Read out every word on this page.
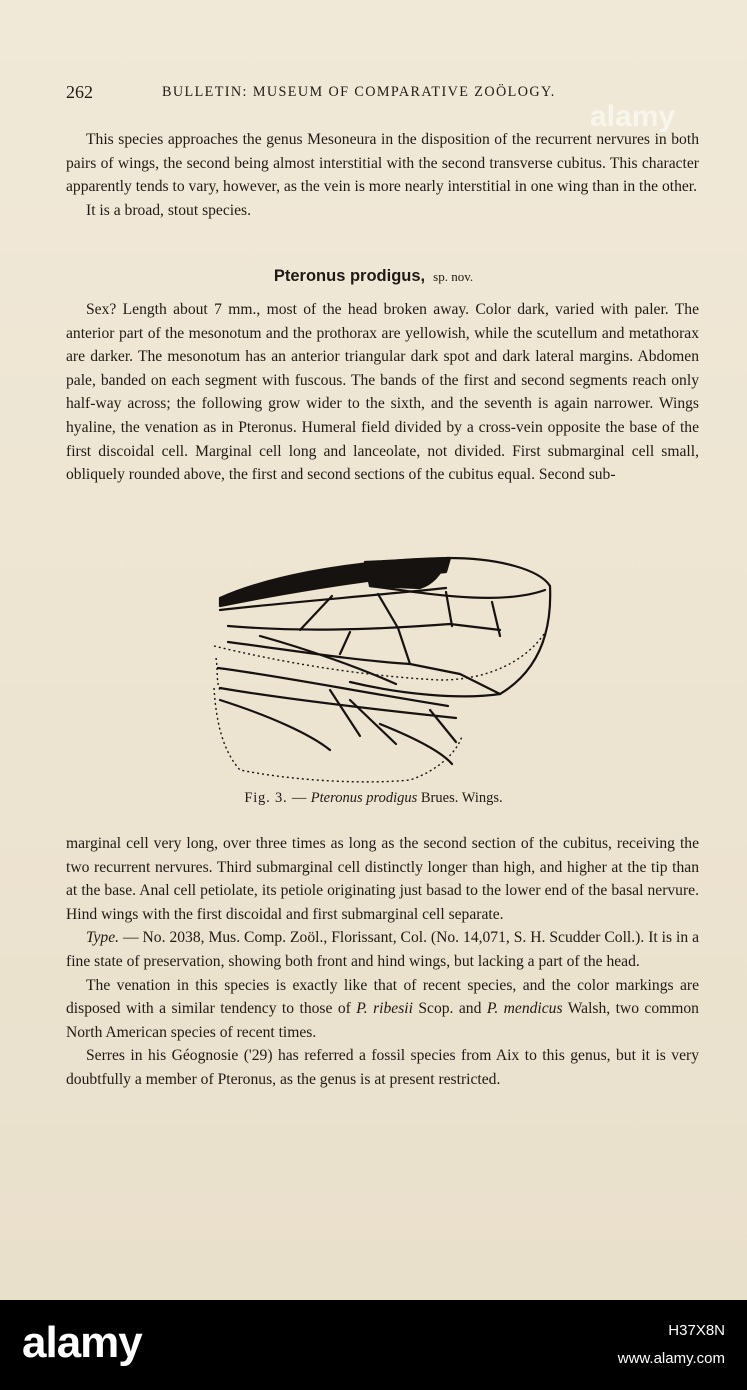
262	BULLETIN: MUSEUM OF COMPARATIVE ZOÖLOGY.

This species approaches the genus Mesoneura in the disposition of the recurrent nervures in both pairs of wings, the second being almost interstitial with the second transverse cubitus. This character apparently tends to vary, however, as the vein is more nearly interstitial in one wing than in the other.

It is a broad, stout species.

Pteronus prodigus, sp. nov.

Sex? Length about 7 mm., most of the head broken away. Color dark, varied with paler. The anterior part of the mesonotum and the prothorax are yellowish, while the scutellum and metathorax are darker. The mesonotum has an anterior triangular dark spot and dark lateral margins. Abdomen pale, banded on each segment with fuscous. The bands of the first and second segments reach only half-way across; the following grow wider to the sixth, and the seventh is again narrower. Wings hyaline, the venation as in Pteronus. Humeral field divided by a cross-vein opposite the base of the first discoidal cell. Marginal cell long and lanceolate, not divided. First submarginal cell small, obliquely rounded above, the first and second sections of the cubitus equal. Second sub-

Fig. 3. — Pteronus prodigus Brues. Wings.

marginal cell very long, over three times as long as the second section of the cubitus, receiving the two recurrent nervures. Third submarginal cell distinctly longer than high, and higher at the tip than at the base. Anal cell petiolate, its petiole originating just basad to the lower end of the basal nervure. Hind wings with the first discoidal and first submarginal cell separate.

Type. — No. 2038, Mus. Comp. Zoöl., Florissant, Col. (No. 14,071, S. H. Scudder Coll.). It is in a fine state of preservation, showing both front and hind wings, but lacking a part of the head.

The venation in this species is exactly like that of recent species, and the color markings are disposed with a similar tendency to those of P. ribesii Scop. and P. mendicus Walsh, two common North American species of recent times.

Serres in his Géognosie ('29) has referred a fossil species from Aix to this genus, but it is very doubtfully a member of Pteronus, as the genus is at present restricted.

alamy
alamy	H37X8N
www.alamy.com
